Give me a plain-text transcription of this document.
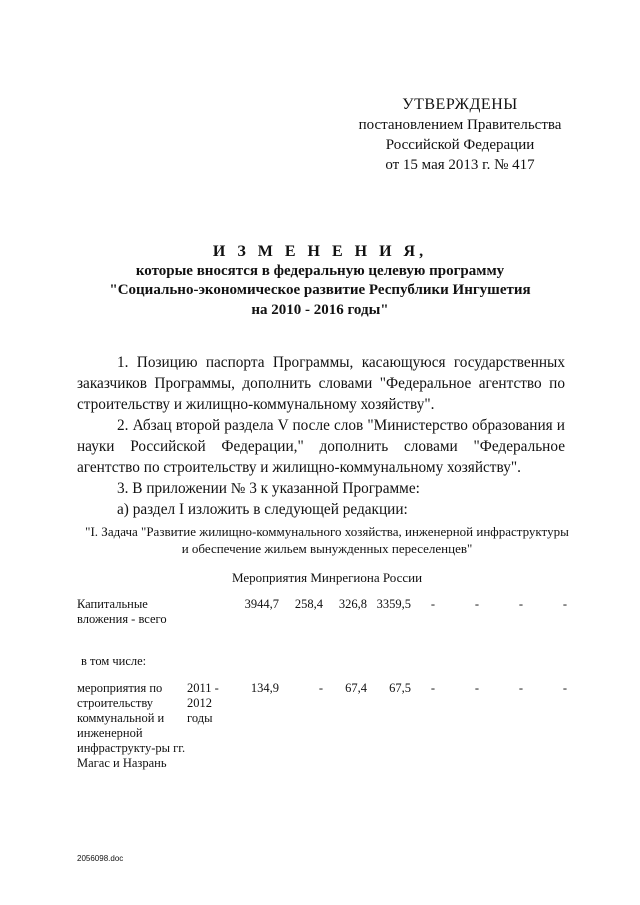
УТВЕРЖДЕНЫ
постановлением Правительства
Российской Федерации
от 15 мая 2013 г. № 417
И З М Е Н Е Н И Я,
которые вносятся в федеральную целевую программу
"Социально-экономическое развитие Республики Ингушетия
на 2010 - 2016 годы"

1. Позицию паспорта Программы, касающуюся государственных заказчиков Программы, дополнить словами "Федеральное агентство по строительству и жилищно-коммунальному хозяйству".

2. Абзац второй раздела V после слов "Министерство образования и науки Российской Федерации," дополнить словами "Федеральное агентство по строительству и жилищно-коммунальному хозяйству".

3. В приложении № 3 к указанной Программе:

а) раздел I изложить в следующей редакции:

"I. Задача "Развитие жилищно-коммунального хозяйства, инженерной инфраструктуры
и обеспечение жильем вынужденных переселенцев"
Мероприятия Минрегиона России
Капитальные вложения - всего		3944,7	258,4	326,8	3359,5	-	-	-	-
в том числе:									
мероприятия по строительству коммунальной и инженерной инфраструкту-ры гг. Магас и Назрань	2011 - 2012 годы	134,9	-	67,4	67,5	-	-	-	-
2056098.doc
